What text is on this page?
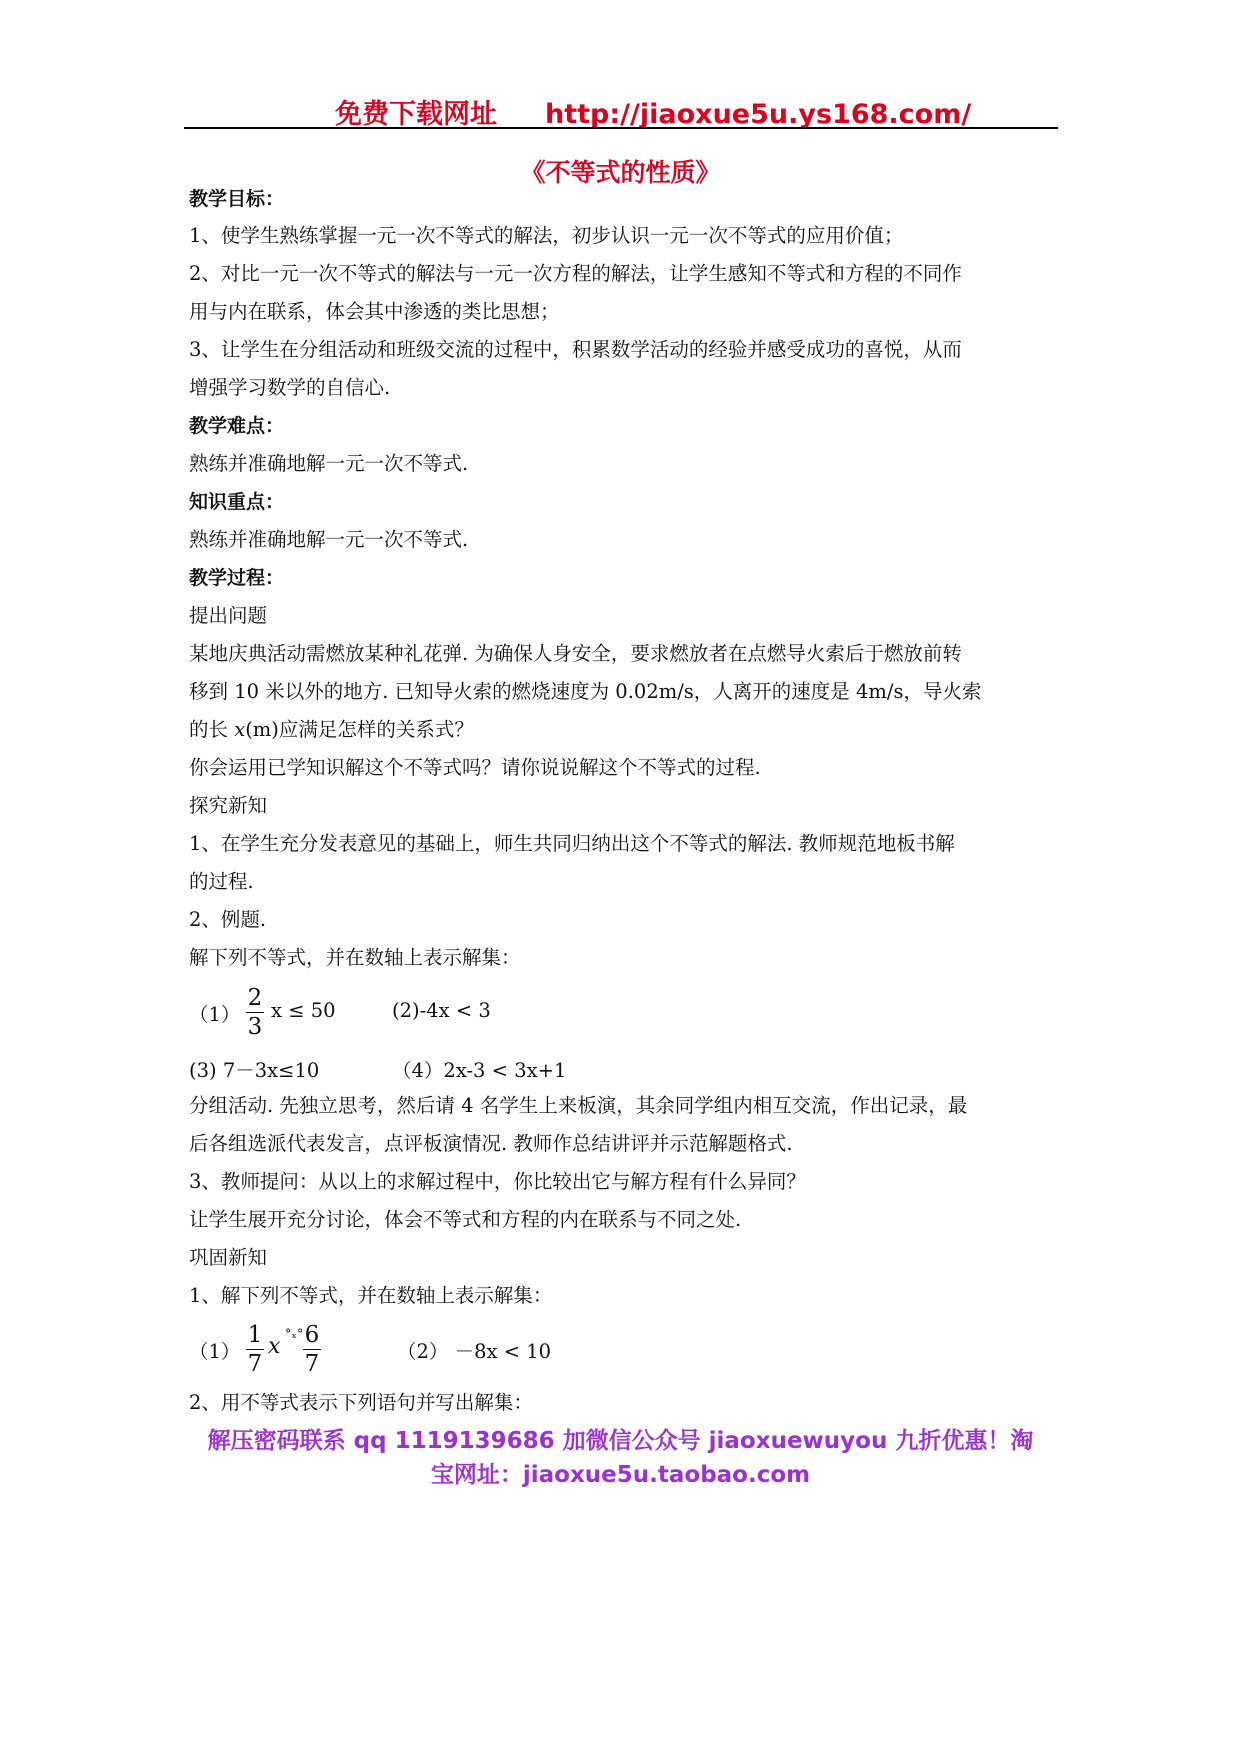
免费下载网址 http://jiaoxue5u.ys168.com/
《不等式的性质》
教学目标：
1、使学生熟练掌握一元一次不等式的解法，初步认识一元一次不等式的应用价值；
2、对比一元一次不等式的解法与一元一次方程的解法，让学生感知不等式和方程的不同作
用与内在联系，体会其中渗透的类比思想；
3、让学生在分组活动和班级交流的过程中，积累数学活动的经验并感受成功的喜悦，从而
增强学习数学的自信心.
教学难点：
熟练并准确地解一元一次不等式.
知识重点：
熟练并准确地解一元一次不等式.
教学过程：
提出问题
某地庆典活动需燃放某种礼花弹. 为确保人身安全，要求燃放者在点燃导火索后于燃放前转
移到 10 米以外的地方. 已知导火索的燃烧速度为 0.02m/s，人离开的速度是 4m/s，导火索
的长 x(m)应满足怎样的关系式？
你会运用已学知识解这个不等式吗？请你说说解这个不等式的过程.
探究新知
1、在学生充分发表意见的基础上，师生共同归纳出这个不等式的解法. 教师规范地板书解
的过程.
2、例题.
解下列不等式，并在数轴上表示解集：
（1）
2
3
x ≤ 50	(2)-4x < 3
(3) 7－3x≤10	（4）2x-3 < 3x+1
分组活动. 先独立思考，然后请 4 名学生上来板演，其余同学组内相互交流，作出记录，最
后各组选派代表发言，点评板演情况. 教师作总结讲评并示范解题格式.
3、教师提问：从以上的求解过程中，你比较出它与解方程有什么异同？
让学生展开充分讨论，体会不等式和方程的内在联系与不同之处.
巩固新知
1、解下列不等式，并在数轴上表示解集：
（1）
1
7
x °ₓ° 6
7	（2） －8x < 10
2、用不等式表示下列语句并写出解集：
解压密码联系 qq 1119139686 加微信公众号 jiaoxuewuyou 九折优惠！淘
宝网址：jiaoxue5u.taobao.com
